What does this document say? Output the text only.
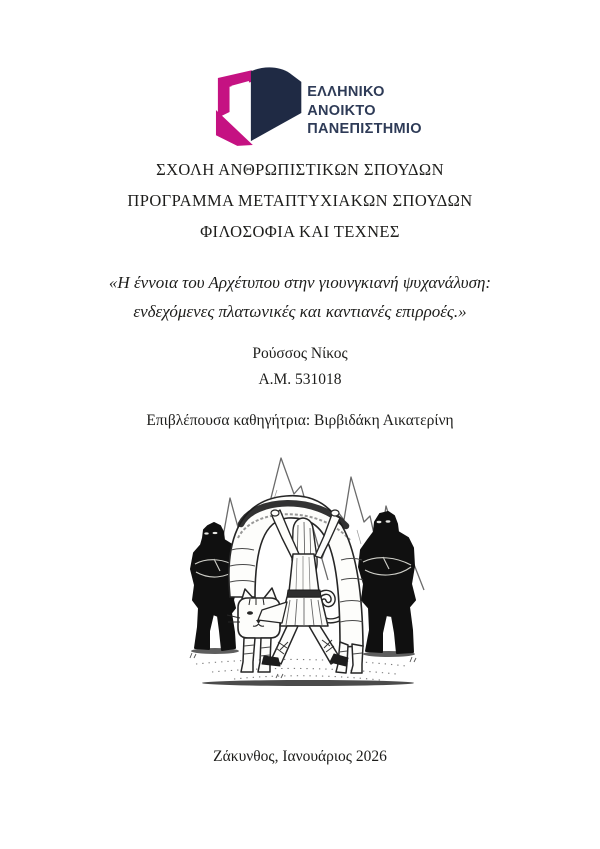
ΕΛΛΗΝΙΚΟ
ΑΝΟΙΚΤΟ
ΠΑΝΕΠΙΣΤΗΜΙΟ
ΣΧΟΛΗ ΑΝΘΡΩΠΙΣΤΙΚΩΝ ΣΠΟΥΔΩΝ
ΠΡΟΓΡΑΜΜΑ ΜΕΤΑΠΤΥΧΙΑΚΩΝ ΣΠΟΥΔΩΝ
ΦΙΛΟΣΟΦΙΑ ΚΑΙ ΤΕΧΝΕΣ
«Η έννοια του Αρχέτυπου στην γιουνγκιανή ψυχανάλυση:
ενδεχόμενες πλατωνικές και καντιανές επιρροές.»
Ρούσσος Νίκος
Α.Μ. 531018
Επιβλέπουσα καθηγήτρια: Βιρβιδάκη Αικατερίνη
Ζάκυνθος, Ιανουάριος 2026
